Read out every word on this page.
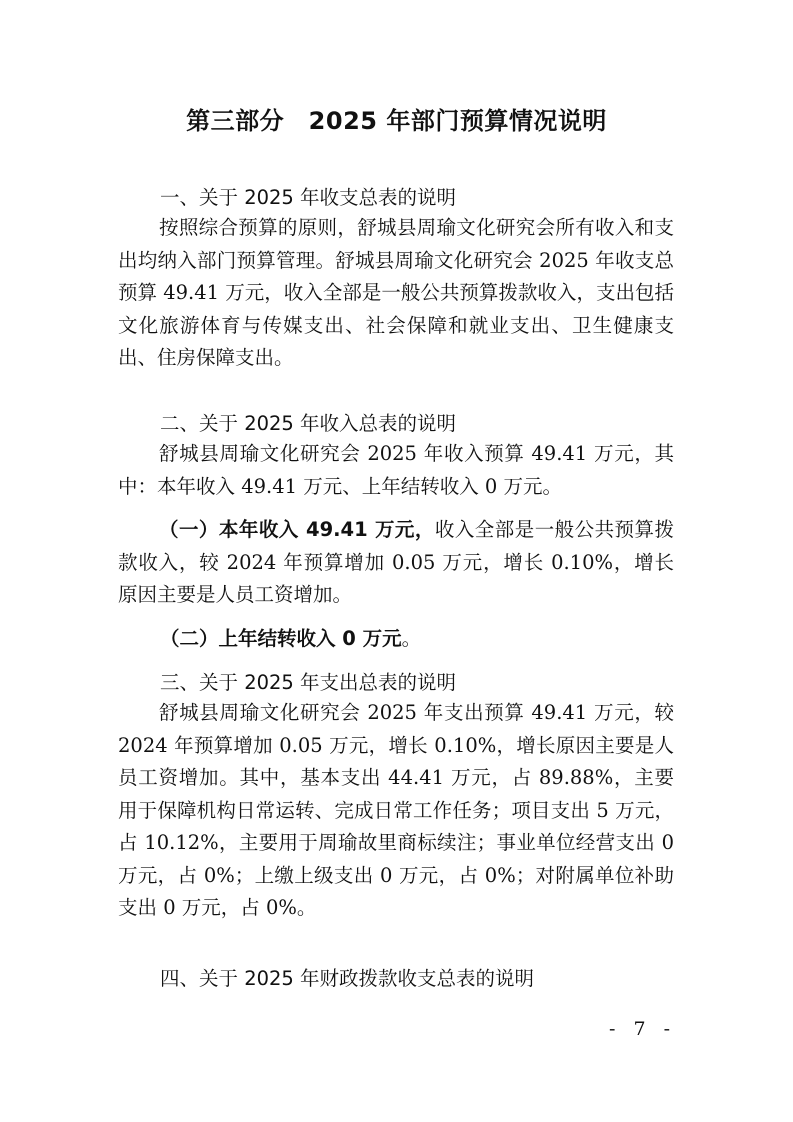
第三部分　2025 年部门预算情况说明
一、关于 2025 年收支总表的说明
按照综合预算的原则，舒城县周瑜文化研究会所有收入和支出均纳入部门预算管理。舒城县周瑜文化研究会 2025 年收支总预算 49.41 万元，收入全部是一般公共预算拨款收入，支出包括文化旅游体育与传媒支出、社会保障和就业支出、卫生健康支出、住房保障支出。
二、关于 2025 年收入总表的说明
舒城县周瑜文化研究会 2025 年收入预算 49.41 万元，其中：本年收入 49.41 万元、上年结转收入 0 万元。
（一）本年收入 49.41 万元，收入全部是一般公共预算拨款收入，较 2024 年预算增加 0.05 万元，增长 0.10%，增长原因主要是人员工资增加。
（二）上年结转收入 0 万元。
三、关于 2025 年支出总表的说明
舒城县周瑜文化研究会 2025 年支出预算 49.41 万元，较 2024 年预算增加 0.05 万元，增长 0.10%，增长原因主要是人员工资增加。其中，基本支出 44.41 万元，占 89.88%，主要用于保障机构日常运转、完成日常工作任务；项目支出 5 万元，占 10.12%，主要用于周瑜故里商标续注；事业单位经营支出 0 万元，占 0%；上缴上级支出 0 万元，占 0%；对附属单位补助支出 0 万元，占 0%。
四、关于 2025 年财政拨款收支总表的说明
- 7 -
